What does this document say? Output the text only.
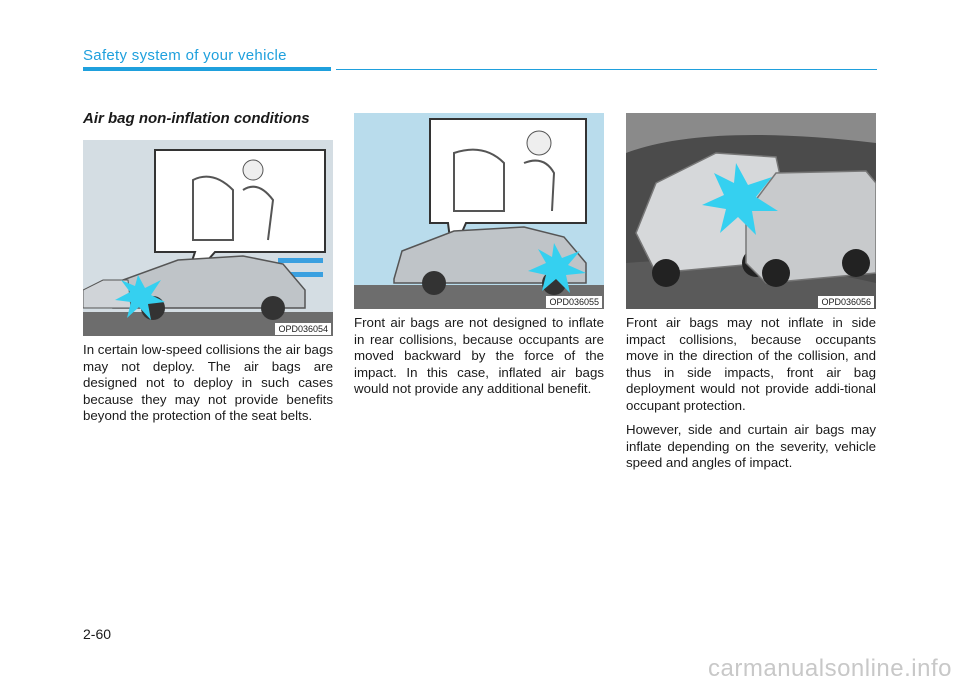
Safety system of your vehicle
Air bag non-inflation conditions
OPD036054

In certain low-speed collisions the air bags may not deploy. The air bags are designed not to deploy in such cases because they may not provide benefits beyond the protection of the seat belts.

OPD036055

Front air bags are not designed to inflate in rear collisions, because occupants are moved backward by the force of the impact. In this case, inflated air bags would not provide any additional benefit.

OPD036056

Front air bags may not inflate in side impact collisions, because occupants move in the direction of the collision, and thus in side impacts, front air bag deployment would not provide addi-tional occupant protection.

However, side and curtain air bags may inflate depending on the severity, vehicle speed and angles of impact.

2-60
carmanualsonline.info
